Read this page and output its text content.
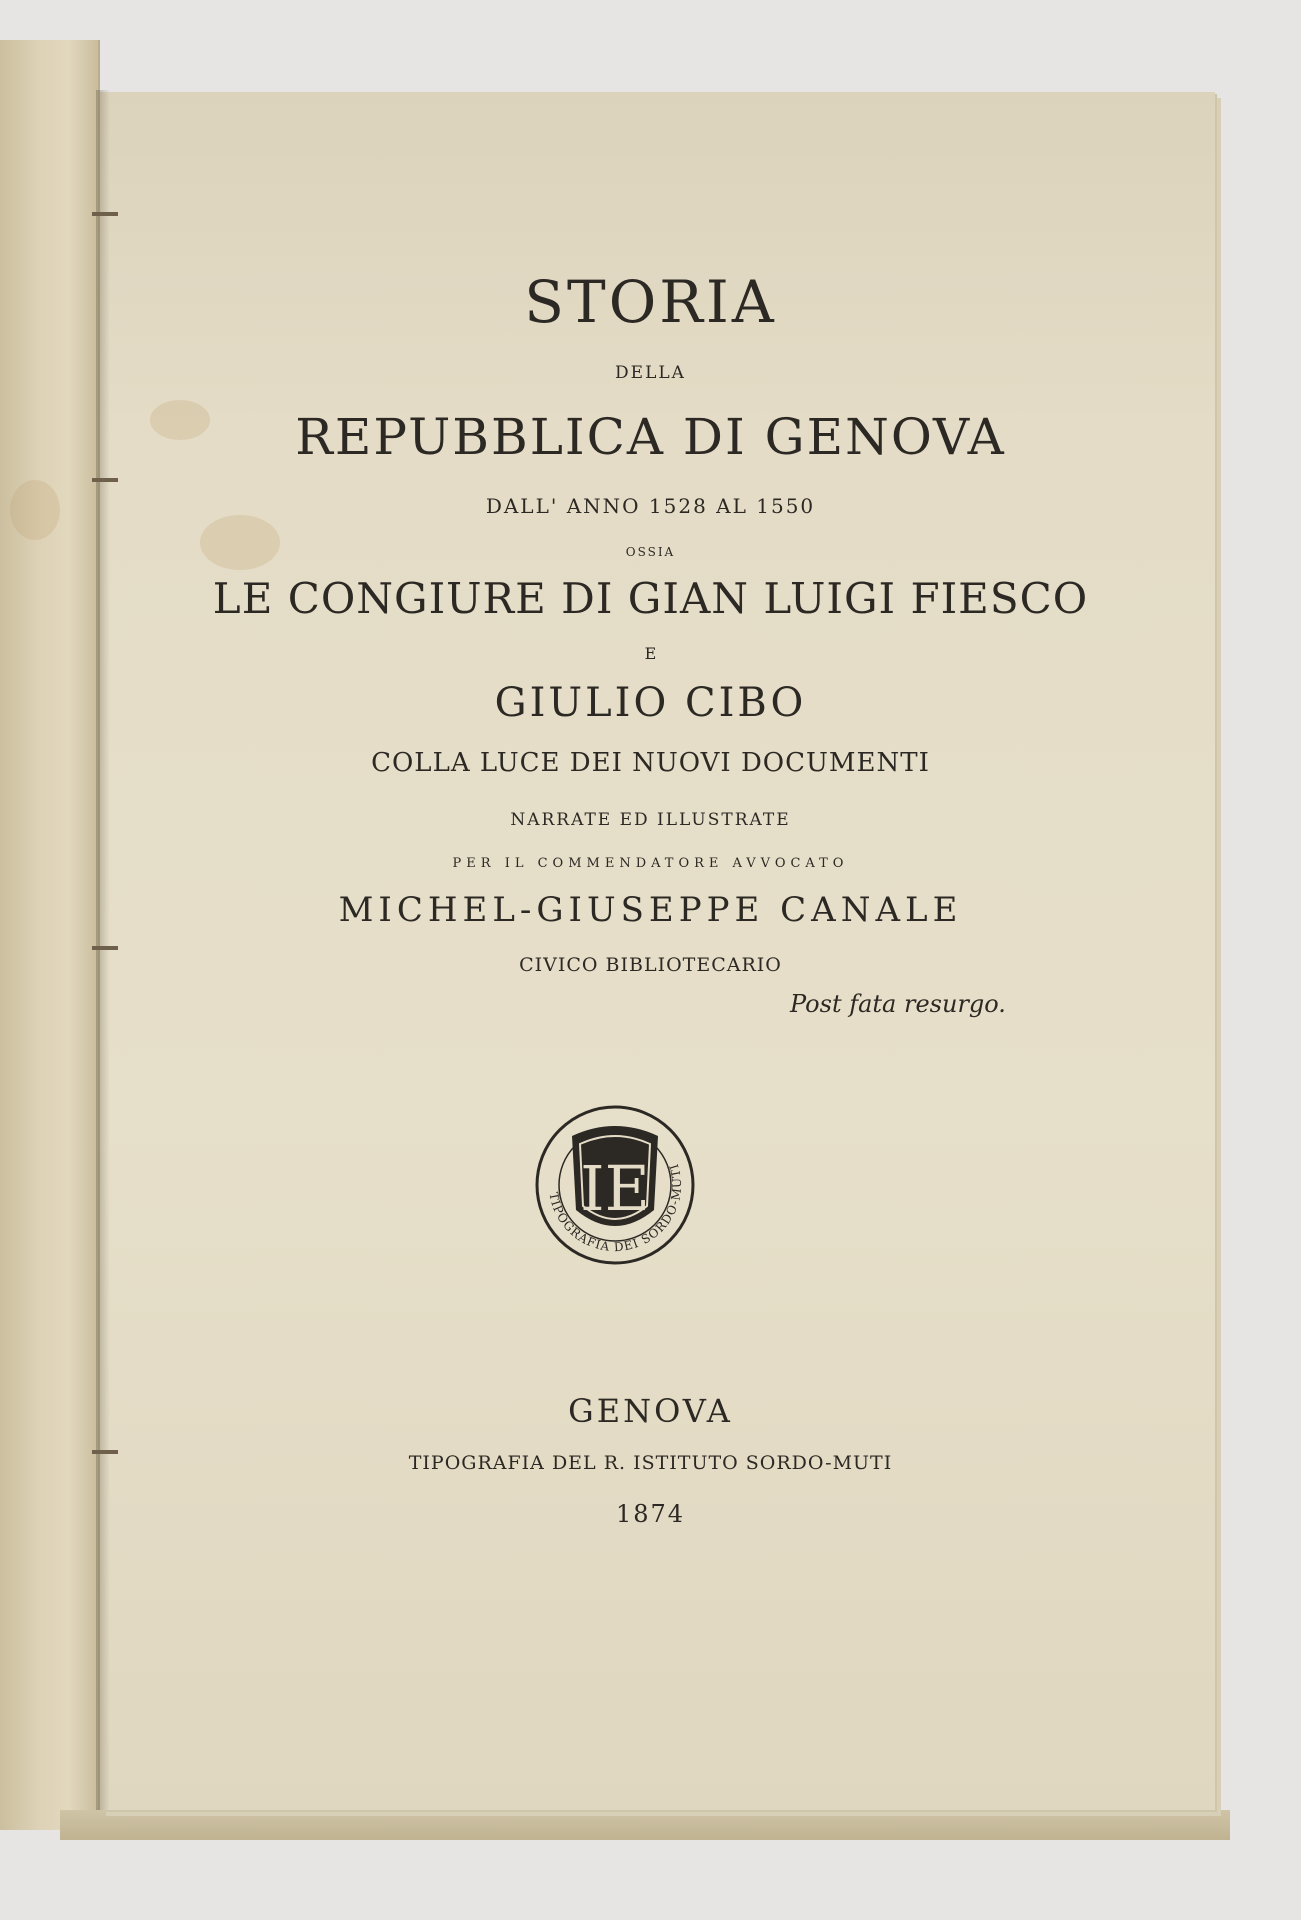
STORIA
DELLA
REPUBBLICA DI GENOVA
DALL' ANNO 1528 AL 1550
OSSIA
LE CONGIURE DI GIAN LUIGI FIESCO
E
GIULIO CIBO
COLLA LUCE DEI NUOVI DOCUMENTI
NARRATE ED ILLUSTRATE
PER IL COMMENDATORE AVVOCATO
MICHEL-GIUSEPPE CANALE
CIVICO BIBLIOTECARIO
Post fata resurgo.
TIPOGRAFIA DEI SORDO-MUTI
IE
GENOVA
TIPOGRAFIA DEL R. ISTITUTO SORDO-MUTI
1874
